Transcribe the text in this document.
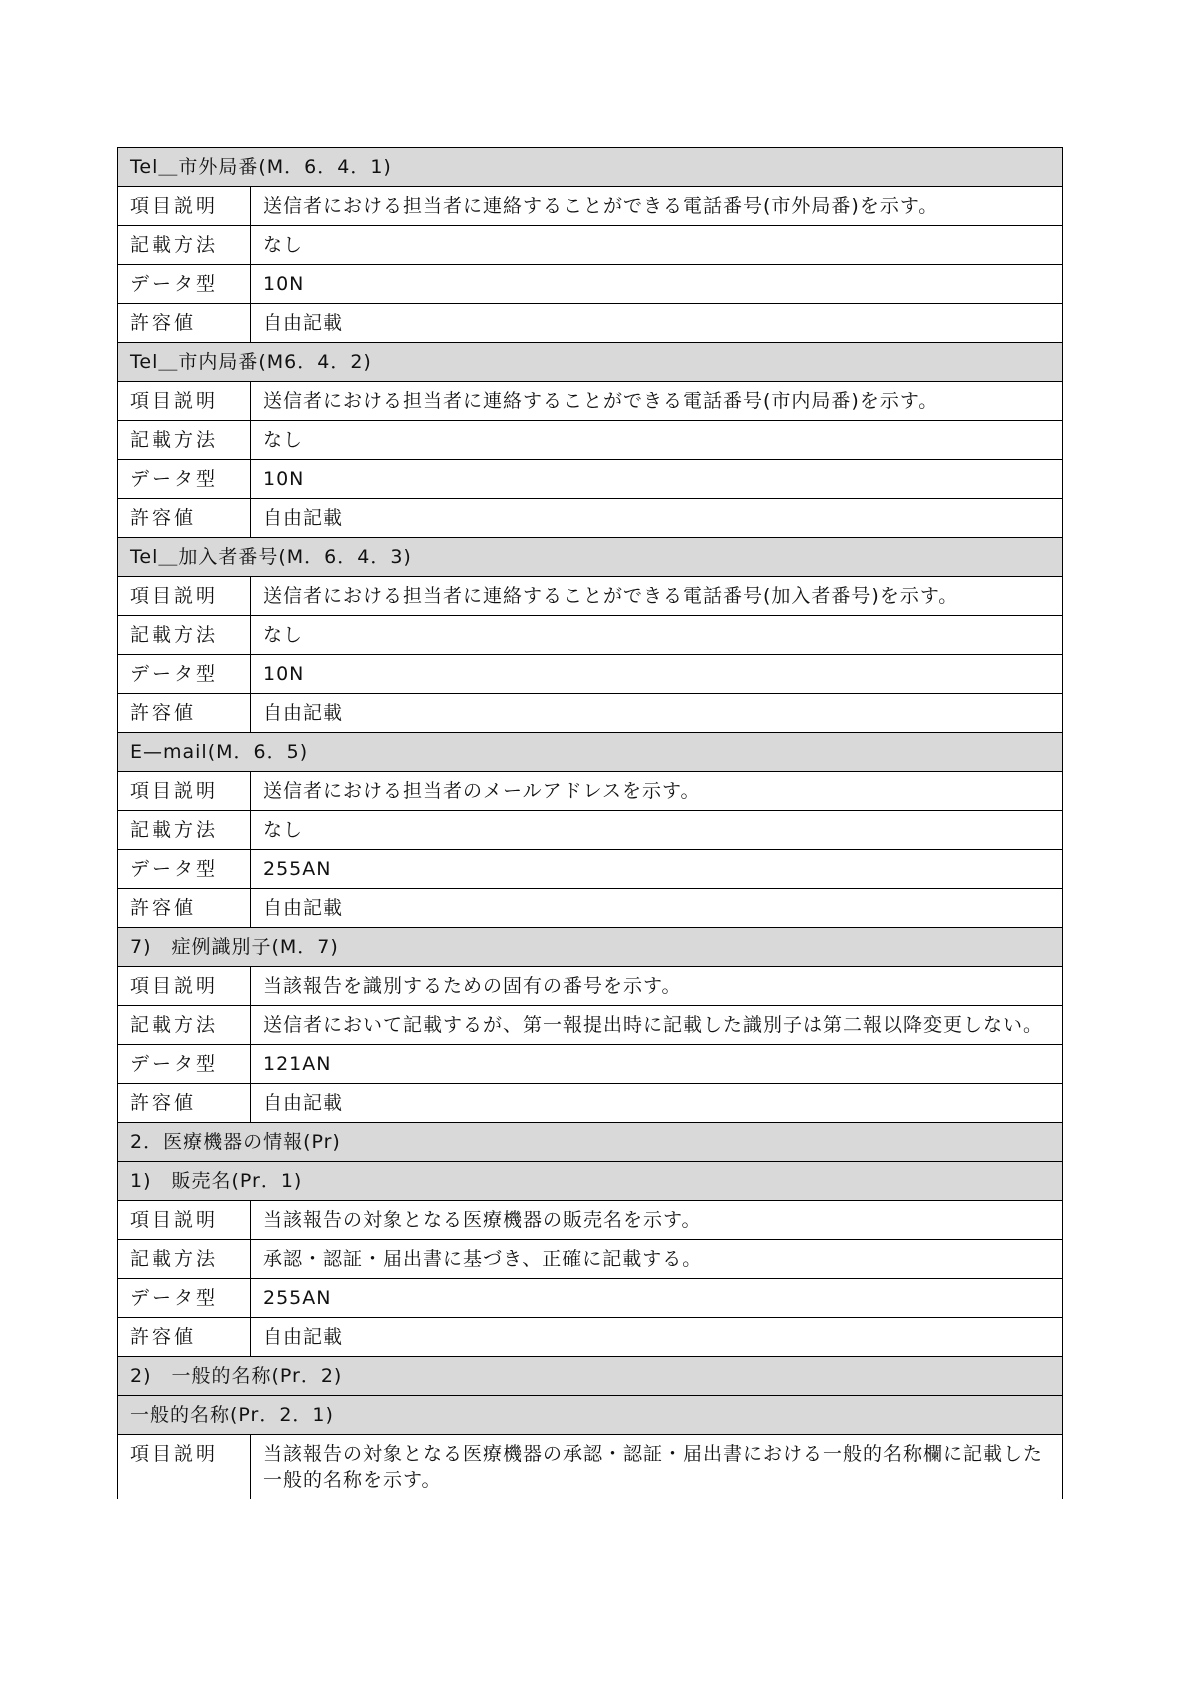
Tel＿市外局番(M．6．4．1)	
項目説明	送信者における担当者に連絡することができる電話番号(市外局番)を示す。
記載方法	なし
データ型	10N
許容値	自由記載
Tel＿市内局番(M6．4．2)	
項目説明	送信者における担当者に連絡することができる電話番号(市内局番)を示す。
記載方法	なし
データ型	10N
許容値	自由記載
Tel＿加入者番号(M．6．4．3)	
項目説明	送信者における担当者に連絡することができる電話番号(加入者番号)を示す。
記載方法	なし
データ型	10N
許容値	自由記載
E—mail(M．6．5)	
項目説明	送信者における担当者のメールアドレスを示す。
記載方法	なし
データ型	255AN
許容値	自由記載
7)　症例識別子(M．7)	
項目説明	当該報告を識別するための固有の番号を示す。
記載方法	送信者において記載するが、第一報提出時に記載した識別子は第二報以降変更しない。
データ型	121AN
許容値	自由記載
2．医療機器の情報(Pr)	
1)　販売名(Pr．1)	
項目説明	当該報告の対象となる医療機器の販売名を示す。
記載方法	承認・認証・届出書に基づき、正確に記載する。
データ型	255AN
許容値	自由記載
2)　一般的名称(Pr．2)	
一般的名称(Pr．2．1)	
項目説明	当該報告の対象となる医療機器の承認・認証・届出書における一般的名称欄に記載した一般的名称を示す。
